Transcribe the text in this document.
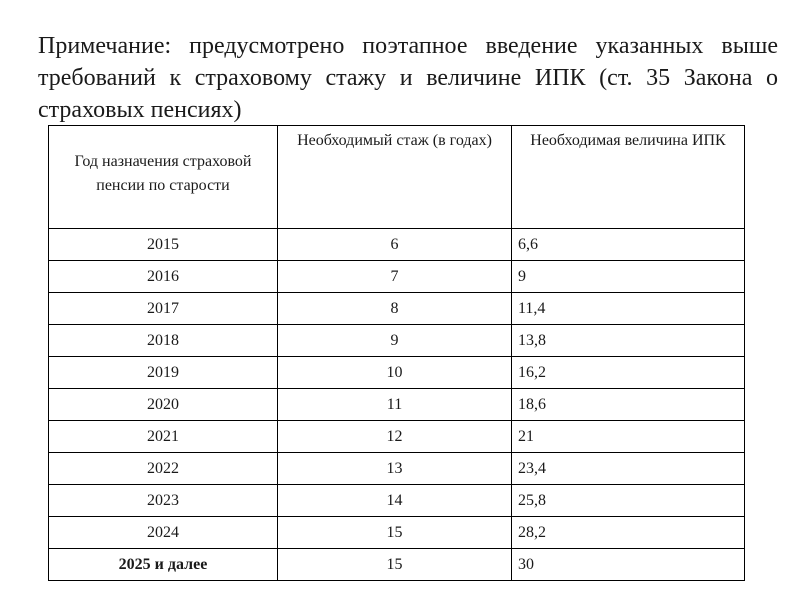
Примечание: предусмотрено поэтапное введение указанных выше требований к страховому стажу и величине ИПК (ст. 35 Закона о страховых пенсиях)

Год назначения страховой пенсии по старости	Необходимый стаж (в годах)	Необходимая величина ИПК

2015	6	6,6
2016	7	9
2017	8	11,4
2018	9	13,8
2019	10	16,2
2020	11	18,6
2021	12	21
2022	13	23,4
2023	14	25,8
2024	15	28,2
2025 и далее	15	30
